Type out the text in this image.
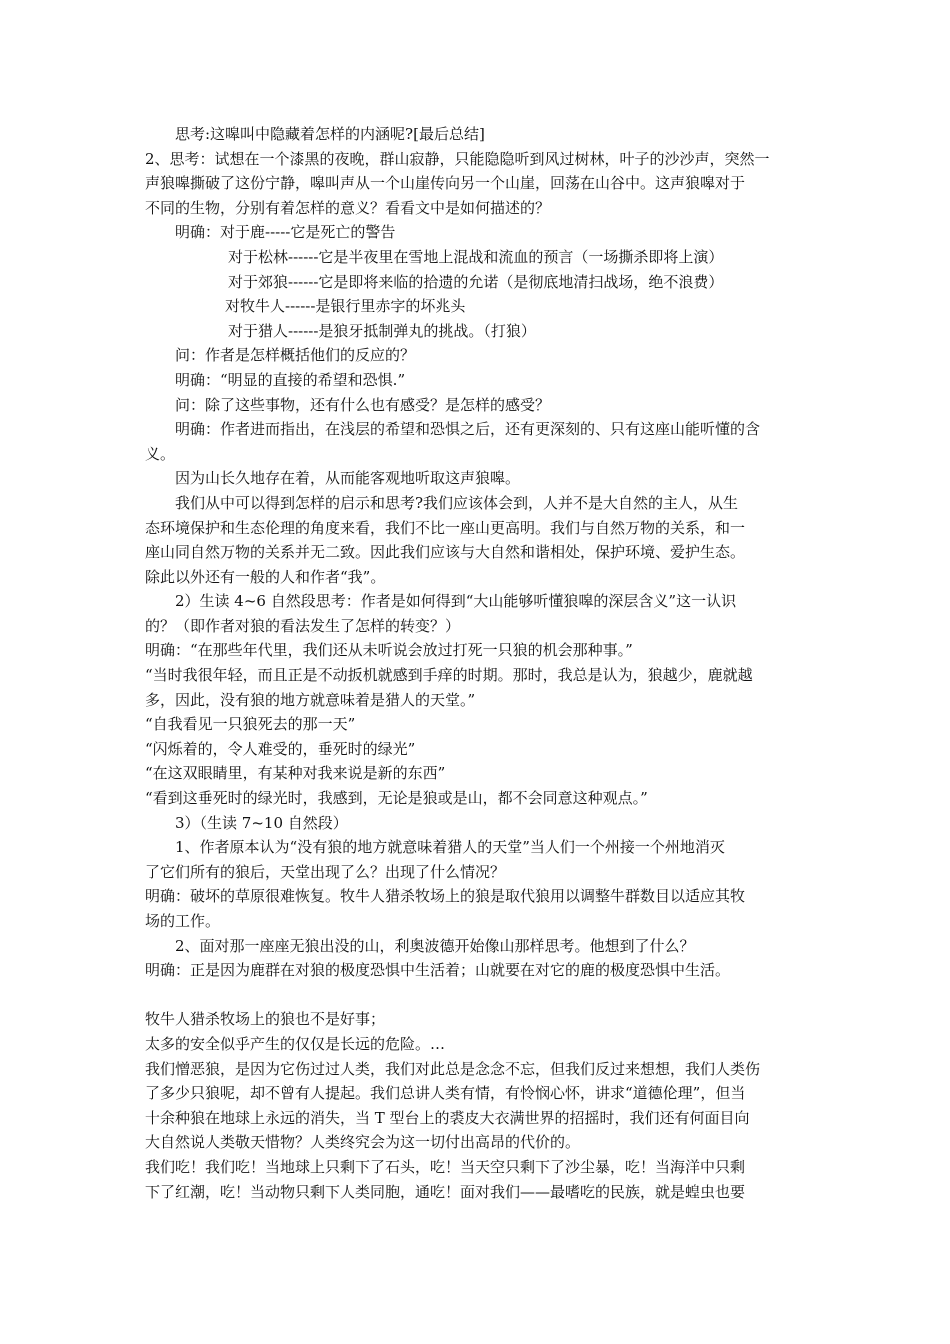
思考:这嗥叫中隐藏着怎样的内涵呢?[最后总结]
2、思考：试想在一个漆黑的夜晚，群山寂静，只能隐隐听到风过树林，叶子的沙沙声，突然一
声狼嗥撕破了这份宁静，嗥叫声从一个山崖传向另一个山崖，回荡在山谷中。这声狼嗥对于
不同的生物，分别有着怎样的意义？看看文中是如何描述的？
明确：对于鹿-----它是死亡的警告
对于松林------它是半夜里在雪地上混战和流血的预言（一场撕杀即将上演）
对于郊狼------它是即将来临的拾遗的允诺（是彻底地清扫战场，绝不浪费）
对牧牛人------是银行里赤字的坏兆头
对于猎人------是狼牙抵制弹丸的挑战。（打狼）
问：作者是怎样概括他们的反应的？
明确：“明显的直接的希望和恐惧.”
问：除了这些事物，还有什么也有感受？是怎样的感受？
明确：作者进而指出，在浅层的希望和恐惧之后，还有更深刻的、只有这座山能听懂的含
义。
因为山长久地存在着，从而能客观地听取这声狼嗥。
我们从中可以得到怎样的启示和思考?我们应该体会到，人并不是大自然的主人，从生
态环境保护和生态伦理的角度来看，我们不比一座山更高明。我们与自然万物的关系，和一
座山同自然万物的关系并无二致。因此我们应该与大自然和谐相处，保护环境、爱护生态。
除此以外还有一般的人和作者“我”。
2）生读 4~6 自然段思考：作者是如何得到“大山能够听懂狼嗥的深层含义”这一认识
的？（即作者对狼的看法发生了怎样的转变？）
明确：“在那些年代里，我们还从未听说会放过打死一只狼的机会那种事。”
“当时我很年轻，而且正是不动扳机就感到手痒的时期。那时，我总是认为，狼越少，鹿就越
多，因此，没有狼的地方就意味着是猎人的天堂。”
“自我看见一只狼死去的那一天”
“闪烁着的，令人难受的，垂死时的绿光”
“在这双眼睛里，有某种对我来说是新的东西”
“看到这垂死时的绿光时，我感到，无论是狼或是山，都不会同意这种观点。”
3）（生读 7~10 自然段）
1、作者原本认为“没有狼的地方就意味着猎人的天堂”当人们一个州接一个州地消灭
了它们所有的狼后，天堂出现了么？出现了什么情况？
明确：破坏的草原很难恢复。牧牛人猎杀牧场上的狼是取代狼用以调整牛群数目以适应其牧
场的工作。
2、面对那一座座无狼出没的山，利奥波德开始像山那样思考。他想到了什么？
明确：正是因为鹿群在对狼的极度恐惧中生活着；山就要在对它的鹿的极度恐惧中生活。
牧牛人猎杀牧场上的狼也不是好事；
太多的安全似乎产生的仅仅是长远的危险。…
我们憎恶狼，是因为它伤过过人类，我们对此总是念念不忘，但我们反过来想想，我们人类伤
了多少只狼呢，却不曾有人提起。我们总讲人类有情，有怜悯心怀，讲求“道德伦理”，但当
十余种狼在地球上永远的消失，当 T 型台上的裘皮大衣满世界的招摇时，我们还有何面目向
大自然说人类敬天惜物？人类终究会为这一切付出高昂的代价的。
我们吃！我们吃！当地球上只剩下了石头，吃！当天空只剩下了沙尘暴，吃！当海洋中只剩
下了红潮，吃！当动物只剩下人类同胞，通吃！面对我们——最嗜吃的民族，就是蝗虫也要
